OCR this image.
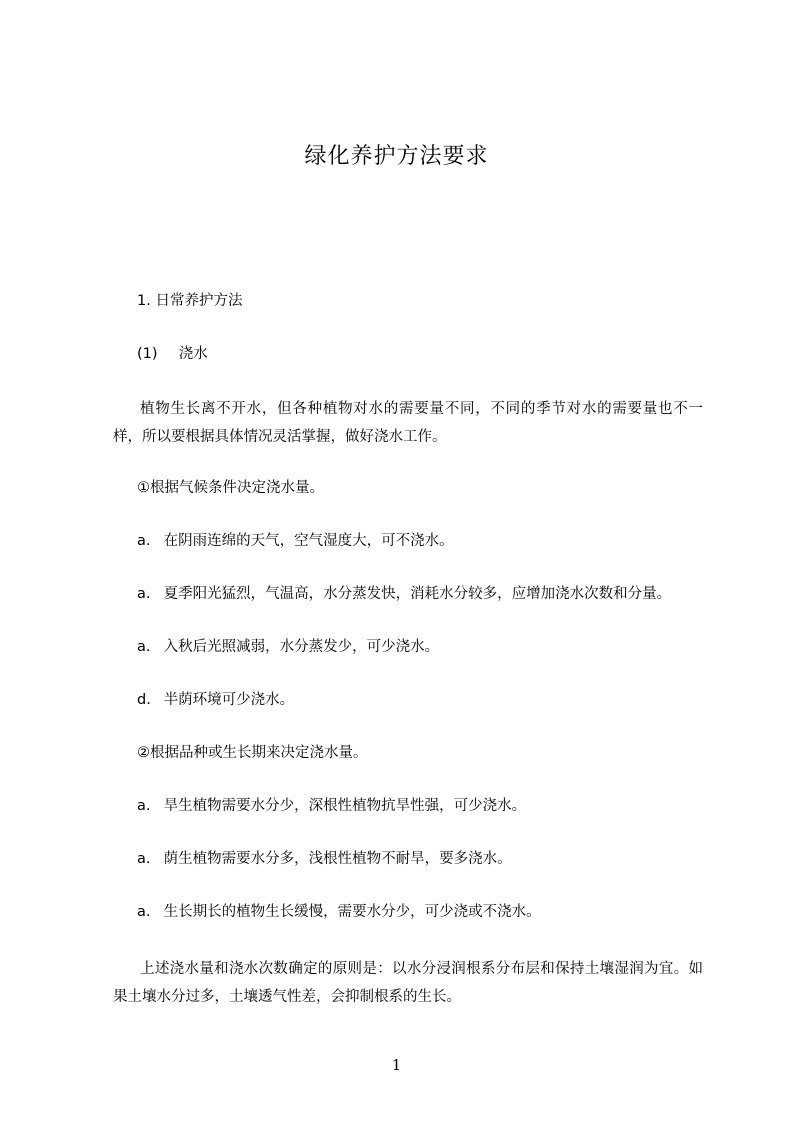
绿化养护方法要求
1. 日常养护方法
(1) 浇水
植物生长离不开水，但各种植物对水的需要量不同，不同的季节对水的需要量也不一样，所以要根据具体情况灵活掌握，做好浇水工作。
①根据气候条件决定浇水量。
a. 在阴雨连绵的天气，空气湿度大，可不浇水。
a. 夏季阳光猛烈，气温高，水分蒸发快，消耗水分较多，应增加浇水次数和分量。
a. 入秋后光照减弱，水分蒸发少，可少浇水。
d. 半荫环境可少浇水。
②根据品种或生长期来决定浇水量。
a. 旱生植物需要水分少，深根性植物抗旱性强，可少浇水。
a. 荫生植物需要水分多，浅根性植物不耐旱，要多浇水。
a. 生长期长的植物生长缓慢，需要水分少，可少浇或不浇水。
上述浇水量和浇水次数确定的原则是：以水分浸润根系分布层和保持土壤湿润为宜。如果土壤水分过多，土壤透气性差，会抑制根系的生长。
1
